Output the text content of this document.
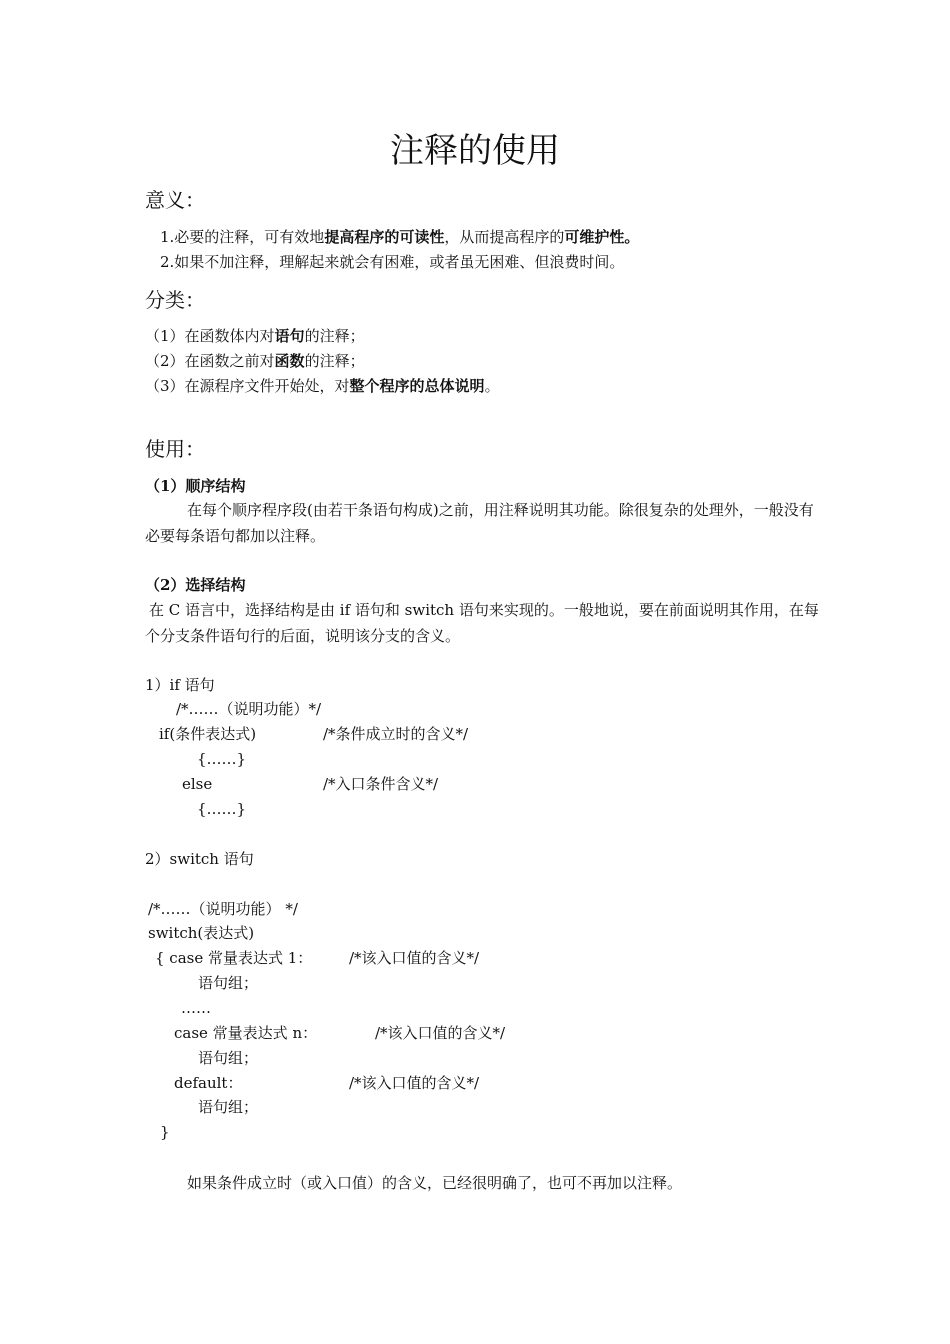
注释的使用
意义：
1.必要的注释，可有效地提高程序的可读性，从而提高程序的可维护性。
2.如果不加注释，理解起来就会有困难，或者虽无困难、但浪费时间。
分类：
（1）在函数体内对语句的注释；
（2）在函数之前对函数的注释；
（3）在源程序文件开始处，对整个程序的总体说明。
使用：
（1）顺序结构
在每个顺序程序段(由若干条语句构成)之前，用注释说明其功能。除很复杂的处理外，一般没有必要每条语句都加以注释。
（2）选择结构
在 C 语言中，选择结构是由 if 语句和 switch 语句来实现的。一般地说，要在前面说明其作用，在每个分支条件语句行的后面，说明该分支的含义。
1）if 语句
/*……（说明功能）*/
if(条件表达式)	/*条件成立时的含义*/
{……}
else	/*入口条件含义*/
{……}
2）switch 语句
/*……（说明功能） */
switch(表达式)
{ case 常量表达式 1： /*该入口值的含义*/
语句组；
……
case 常量表达式 n：	/*该入口值的含义*/
语句组；
default：	/*该入口值的含义*/
语句组；
}
如果条件成立时（或入口值）的含义，已经很明确了，也可不再加以注释。
